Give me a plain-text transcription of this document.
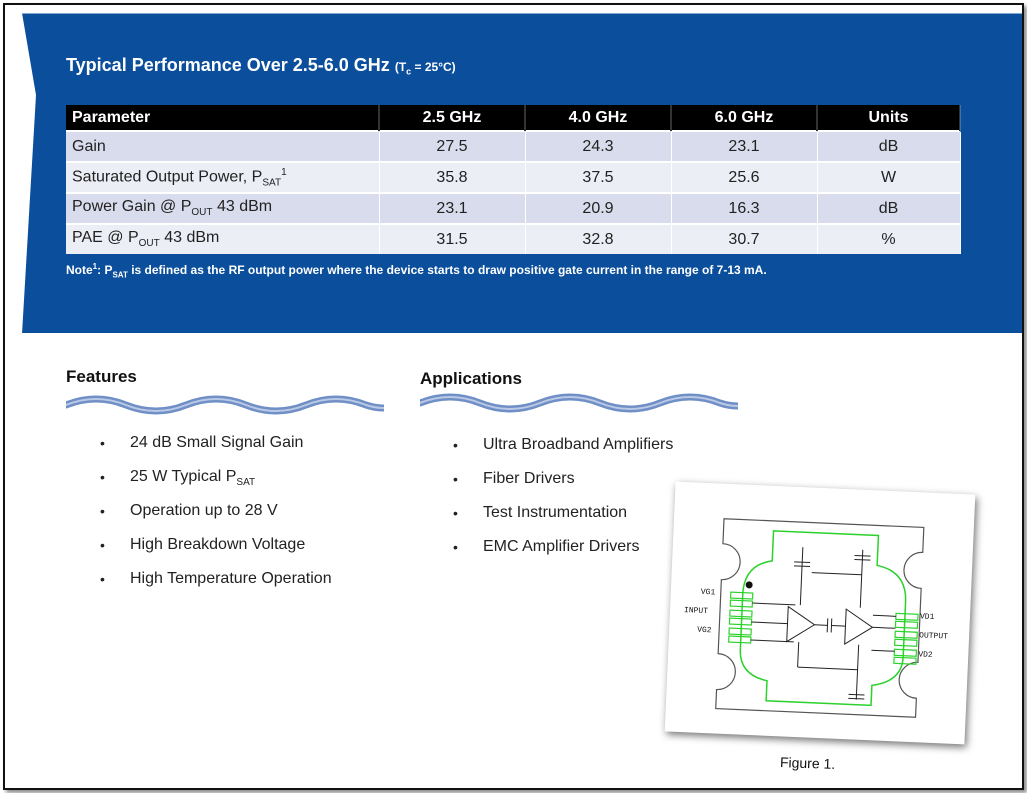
Typical Performance Over 2.5-6.0 GHz $(T_c = 25^\circ C)$
Parameter	2.5 GHz	4.0 GHz	6.0 GHz	Units
Gain	27.5	24.3	23.1	dB
Saturated Output Power, $P_{SAT}^1$	35.8	37.5	25.6	W
Power Gain @ $P_{OUT}$ 43 dBm	23.1	20.9	16.3	dB
PAE @ $P_{OUT}$ 43 dBm	31.5	32.8	30.7	%
Note$^1$: $P_{SAT}$ is defined as the RF output power where the device starts to draw positive gate current in the range of 7-13 mA.
Features
• 24 dB Small Signal Gain
• 25 W Typical $P_{SAT}$
• Operation up to 28 V
• High Breakdown Voltage
• High Temperature Operation
Applications
• Ultra Broadband Amplifiers
• Fiber Drivers
• Test Instrumentation
• EMC Amplifier Drivers
VG1
INPUT
VG2
VD1
OUTPUT
VD2
Figure 1.
